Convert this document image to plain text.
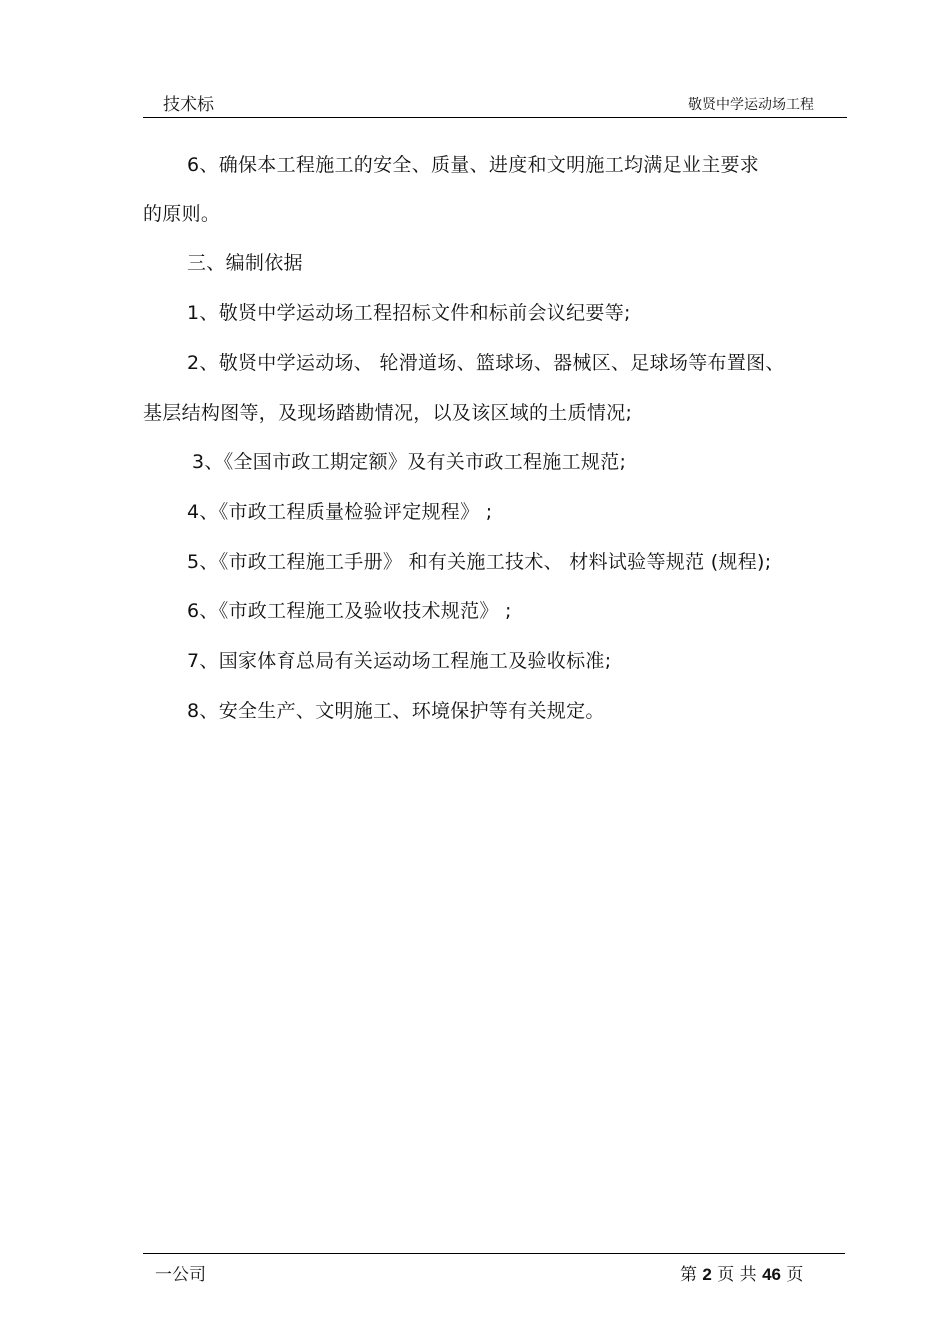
技术标	敬贤中学运动场工程
6、确保本工程施工的安全、质量、进度和文明施工均满足业主要求
的原则。
三、编制依据
1、敬贤中学运动场工程招标文件和标前会议纪要等;
2、敬贤中学运动场、 轮滑道场、篮球场、器械区、足球场等布置图、
基层结构图等，及现场踏勘情况，以及该区域的土质情况;
3、《全国市政工期定额》及有关市政工程施工规范;
4、《市政工程质量检验评定规程》 ;
5、《市政工程施工手册》 和有关施工技术、 材料试验等规范 (规程);
6、《市政工程施工及验收技术规范》 ;
7、国家体育总局有关运动场工程施工及验收标准;
8、安全生产、文明施工、环境保护等有关规定。
一公司	第 2 页 共 46 页
